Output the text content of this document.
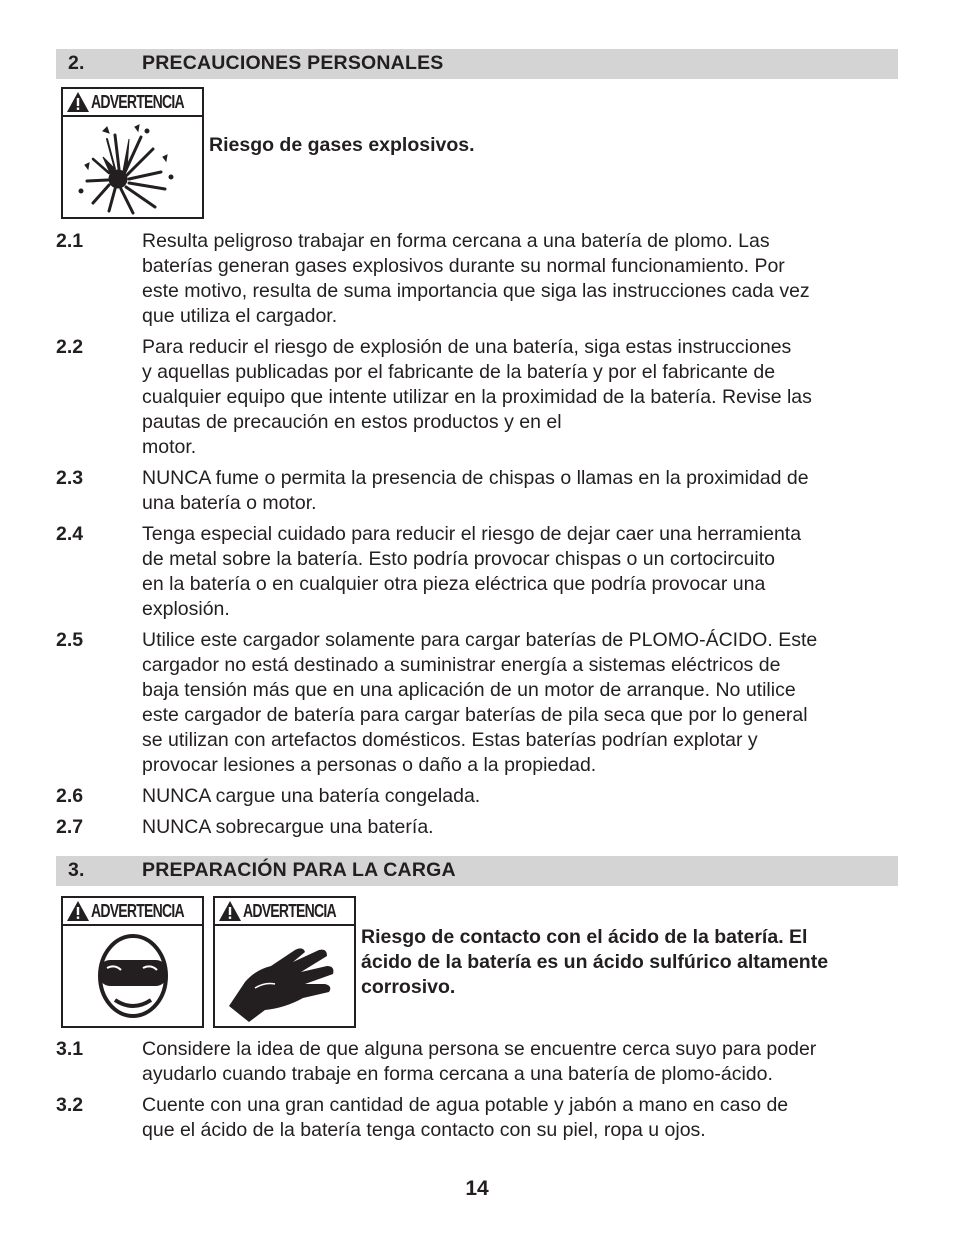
2.	PRECAUCIONES PERSONALES
ADVERTENCIA
Riesgo de gases explosivos.
2.1	Resulta peligroso trabajar en forma cercana a una batería de plomo. Las
baterías generan gases explosivos durante su normal funcionamiento. Por
este motivo, resulta de suma importancia que siga las instrucciones cada vez
que utiliza el cargador.
2.2	Para reducir el riesgo de explosión de una batería, siga estas instrucciones
y aquellas publicadas por el fabricante de la batería y por el fabricante de
cualquier equipo que intente utilizar en la proximidad de la batería. Revise las
pautas de precaución en estos productos y en el
motor.
2.3	NUNCA fume o permita la presencia de chispas o llamas en la proximidad de
una batería o motor.
2.4	Tenga especial cuidado para reducir el riesgo de dejar caer una herramienta
de metal sobre la batería. Esto podría provocar chispas o un cortocircuito
en la batería o en cualquier otra pieza eléctrica que podría provocar una
explosión.
2.5	Utilice este cargador solamente para cargar baterías de PLOMO-ÁCIDO. Este
cargador no está destinado a suministrar energía a sistemas eléctricos de
baja tensión más que en una aplicación de un motor de arranque. No utilice
este cargador de batería para cargar baterías de pila seca que por lo general
se utilizan con artefactos domésticos. Estas baterías podrían explotar y
provocar lesiones a personas o daño a la propiedad.
2.6	NUNCA cargue una batería congelada.
2.7	NUNCA sobrecargue una batería.
3.	PREPARACIÓN PARA LA CARGA
ADVERTENCIA	ADVERTENCIA
Riesgo de contacto con el ácido de la batería. El
ácido de la batería es un ácido sulfúrico altamente
corrosivo.
3.1	Considere la idea de que alguna persona se encuentre cerca suyo para poder
ayudarlo cuando trabaje en forma cercana a una batería de plomo-ácido.
3.2	Cuente con una gran cantidad de agua potable y jabón a mano en caso de
que el ácido de la batería tenga contacto con su piel, ropa u ojos.
14
